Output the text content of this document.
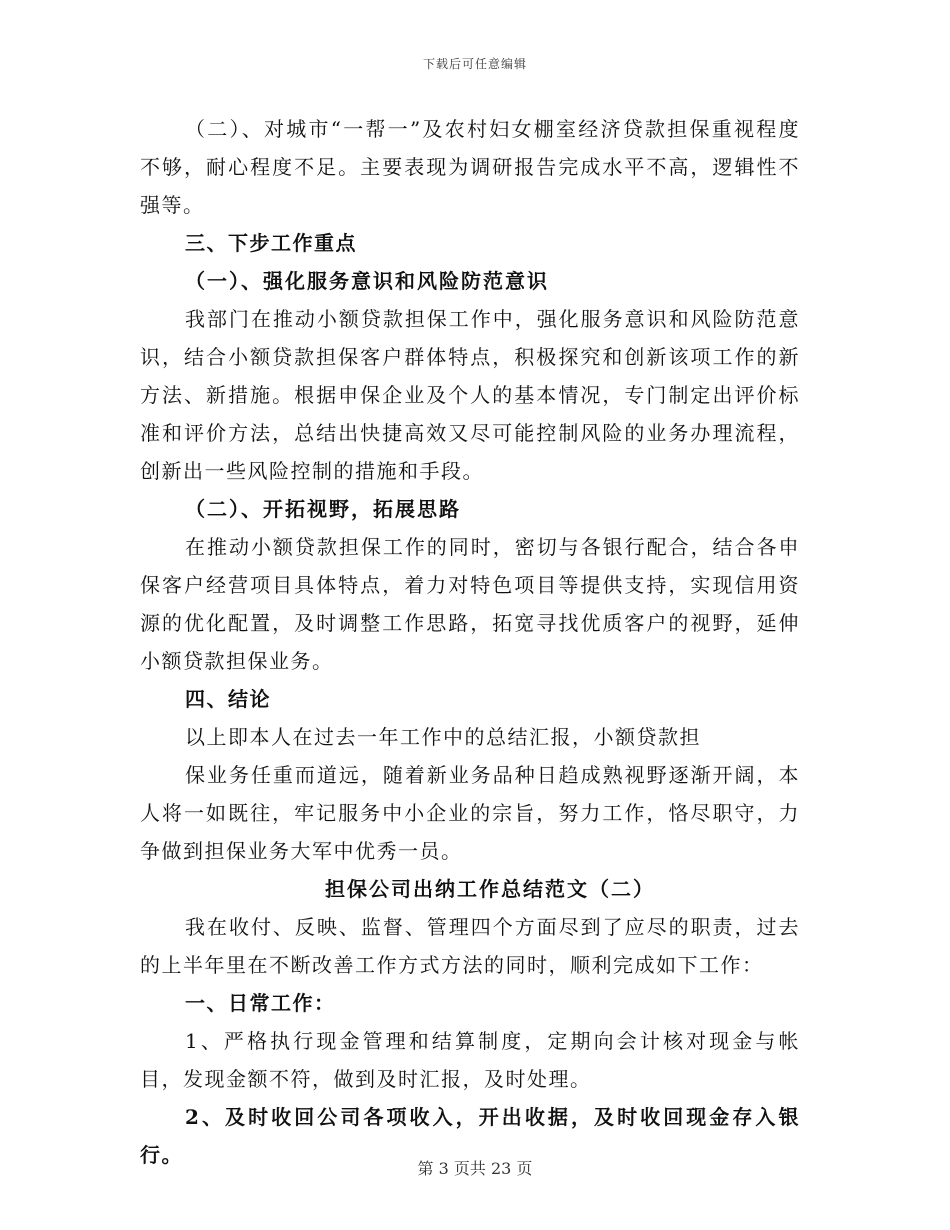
下载后可任意编辑

（二）、对城市“一帮一”及农村妇女棚室经济贷款担保重视程度不够，耐心程度不足。主要表现为调研报告完成水平不高，逻辑性不强等。

三、下步工作重点

（一）、强化服务意识和风险防范意识

我部门在推动小额贷款担保工作中，强化服务意识和风险防范意识，结合小额贷款担保客户群体特点，积极探究和创新该项工作的新方法、新措施。根据申保企业及个人的基本情况，专门制定出评价标准和评价方法，总结出快捷高效又尽可能控制风险的业务办理流程，创新出一些风险控制的措施和手段。

（二）、开拓视野，拓展思路

在推动小额贷款担保工作的同时，密切与各银行配合，结合各申保客户经营项目具体特点，着力对特色项目等提供支持，实现信用资源的优化配置，及时调整工作思路，拓宽寻找优质客户的视野，延伸小额贷款担保业务。

四、结论

以上即本人在过去一年工作中的总结汇报，小额贷款担

保业务任重而道远，随着新业务品种日趋成熟视野逐渐开阔，本人将一如既往，牢记服务中小企业的宗旨，努力工作，恪尽职守，力争做到担保业务大军中优秀一员。

担保公司出纳工作总结范文（二）

我在收付、反映、监督、管理四个方面尽到了应尽的职责，过去的上半年里在不断改善工作方式方法的同时，顺利完成如下工作：

一、日常工作：

1、严格执行现金管理和结算制度，定期向会计核对现金与帐目，发现金额不符，做到及时汇报，及时处理。

2、及时收回公司各项收入，开出收据，及时收回现金存入银行。

第 3 页共 23 页
